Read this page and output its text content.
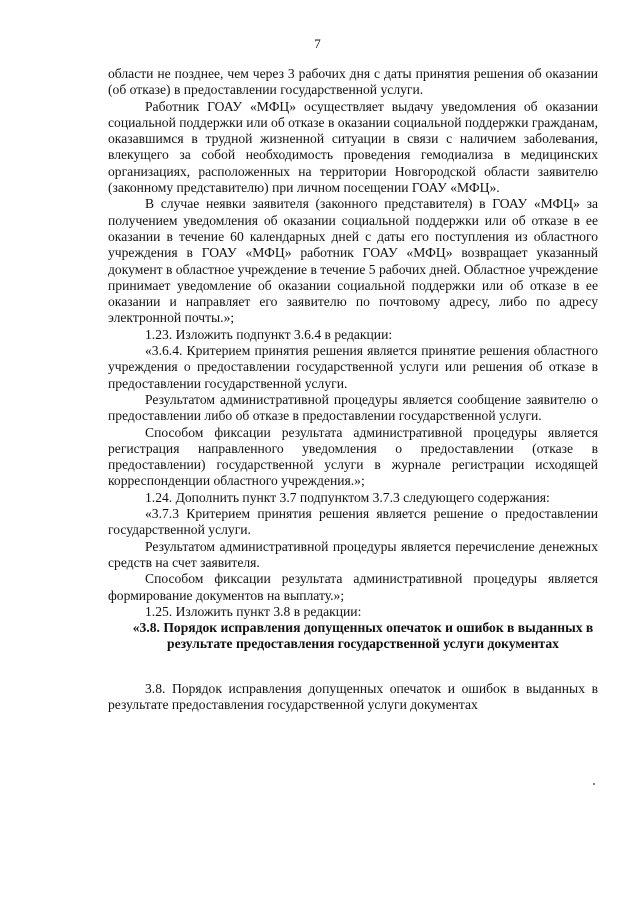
7

области не позднее, чем через 3 рабочих дня с даты принятия решения об оказании (об отказе) в предоставлении государственной услуги.

Работник ГОАУ «МФЦ» осуществляет выдачу уведомления об оказании социальной поддержки или об отказе в оказании социальной поддержки гражданам, оказавшимся в трудной жизненной ситуации в связи с наличием заболевания, влекущего за собой необходимость проведения гемодиализа в медицинских организациях, расположенных на территории Новгородской области заявителю (законному представителю) при личном посещении ГОАУ «МФЦ».

В случае неявки заявителя (законного представителя) в ГОАУ «МФЦ» за получением уведомления об оказании социальной поддержки или об отказе в ее оказании в течение 60 календарных дней с даты его поступления из областного учреждения в ГОАУ «МФЦ» работник ГОАУ «МФЦ» возвращает указанный документ в областное учреждение в течение 5 рабочих дней. Областное учреждение принимает уведомление об оказании социальной поддержки или об отказе в ее оказании и направляет его заявителю по почтовому адресу, либо по адресу электронной почты.»;

1.23. Изложить подпункт 3.6.4 в редакции:

«3.6.4. Критерием принятия решения является принятие решения областного учреждения о предоставлении государственной услуги или решения об отказе в предоставлении государственной услуги.

Результатом административной процедуры является сообщение заявителю о предоставлении либо об отказе в предоставлении государственной услуги.

Способом фиксации результата административной процедуры является регистрация направленного уведомления о предоставлении (отказе в предоставлении) государственной услуги в журнале регистрации исходящей корреспонденции областного учреждения.»;

1.24. Дополнить пункт 3.7 подпунктом 3.7.3 следующего содержания:

«3.7.3 Критерием принятия решения является решение о предоставлении государственной услуги.

Результатом административной процедуры является перечисление денежных средств на счет заявителя.

Способом фиксации результата административной процедуры является формирование документов на выплату.»;

1.25. Изложить пункт 3.8 в редакции:

«3.8. Порядок исправления допущенных опечаток и ошибок в выданных в результате предоставления государственной услуги документах

3.8. Порядок исправления допущенных опечаток и ошибок в выданных в результате предоставления государственной услуги документах
